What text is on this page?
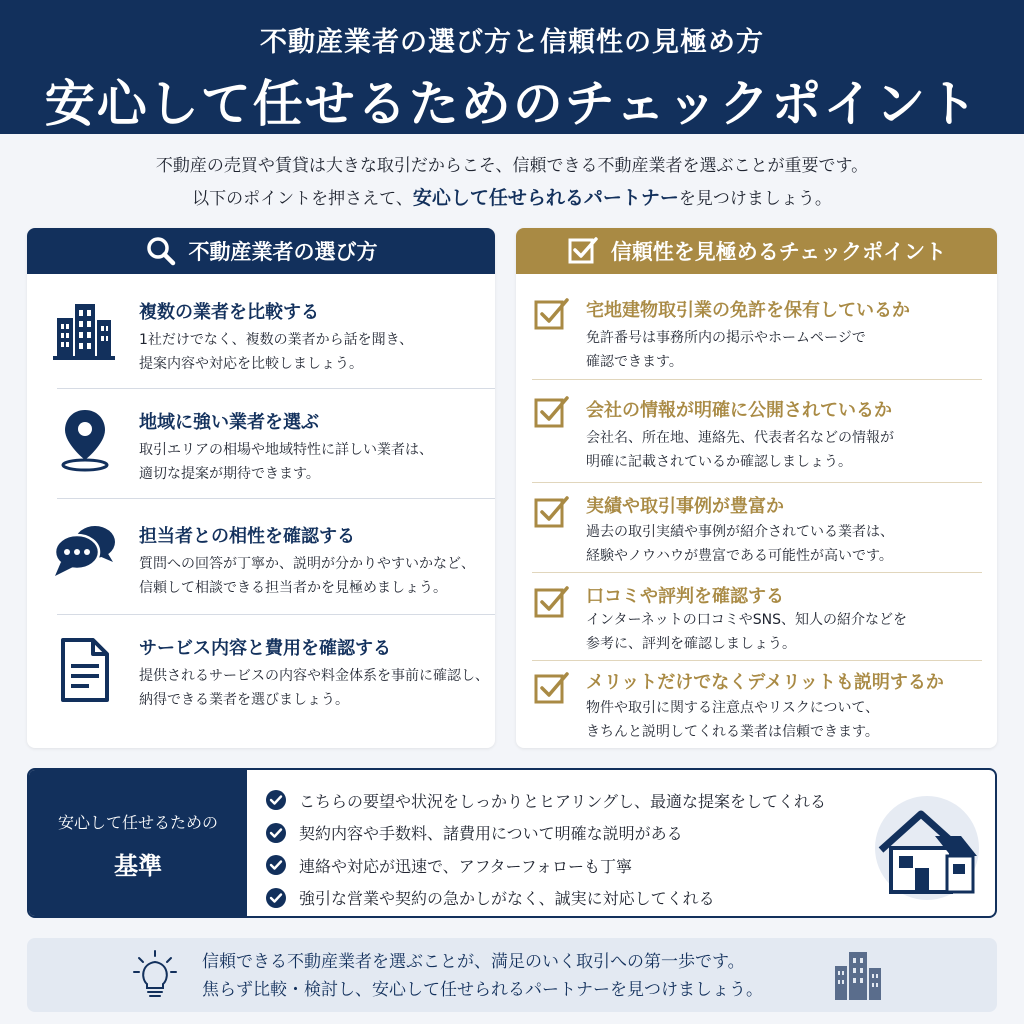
不動産業者の選び方と信頼性の見極め方
安心して任せるためのチェックポイント
不動産の売買や賃貸は大きな取引だからこそ、信頼できる不動産業者を選ぶことが重要です。
以下のポイントを押さえて、安心して任せられるパートナーを見つけましょう。
不動産業者の選び方
複数の業者を比較する
1社だけでなく、複数の業者から話を聞き、
提案内容や対応を比較しましょう。
地域に強い業者を選ぶ
取引エリアの相場や地域特性に詳しい業者は、
適切な提案が期待できます。
担当者との相性を確認する
質問への回答が丁寧か、説明が分かりやすいかなど、
信頼して相談できる担当者かを見極めましょう。
サービス内容と費用を確認する
提供されるサービスの内容や料金体系を事前に確認し、
納得できる業者を選びましょう。
信頼性を見極めるチェックポイント
宅地建物取引業の免許を保有しているか
免許番号は事務所内の掲示やホームページで
確認できます。
会社の情報が明確に公開されているか
会社名、所在地、連絡先、代表者名などの情報が
明確に記載されているか確認しましょう。
実績や取引事例が豊富か
過去の取引実績や事例が紹介されている業者は、
経験やノウハウが豊富である可能性が高いです。
口コミや評判を確認する
インターネットの口コミやSNS、知人の紹介などを
参考に、評判を確認しましょう。
メリットだけでなくデメリットも説明するか
物件や取引に関する注意点やリスクについて、
きちんと説明してくれる業者は信頼できます。
安心して任せるための
基準
こちらの要望や状況をしっかりとヒアリングし、最適な提案をしてくれる
契約内容や手数料、諸費用について明確な説明がある
連絡や対応が迅速で、アフターフォローも丁寧
強引な営業や契約の急かしがなく、誠実に対応してくれる
信頼できる不動産業者を選ぶことが、満足のいく取引への第一歩です。
焦らず比較・検討し、安心して任せられるパートナーを見つけましょう。
